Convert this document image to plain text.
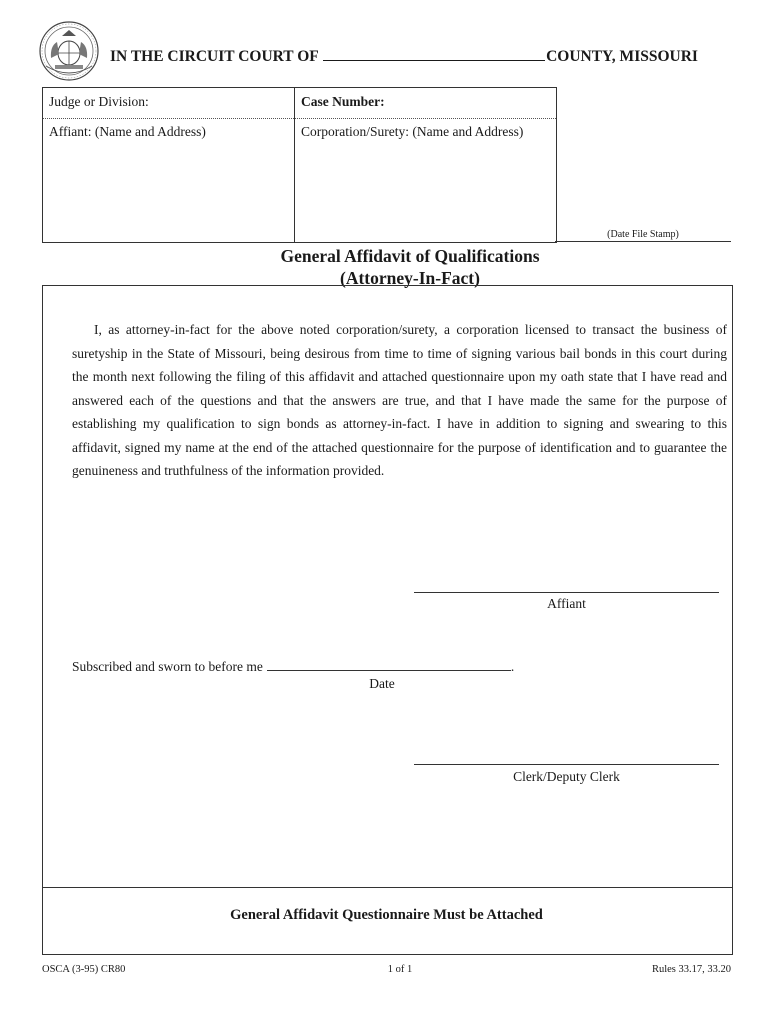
IN THE CIRCUIT COURT OF	COUNTY, MISSOURI
Judge or Division:	Case Number:
Affiant: (Name and Address)	Corporation/Surety: (Name and Address)
(Date File Stamp)
General Affidavit of Qualifications
(Attorney-In-Fact)
I, as attorney-in-fact for the above noted corporation/surety, a corporation licensed to transact the business of suretyship in the State of Missouri, being desirous from time to time of signing various bail bonds in this court during the month next following the filing of this affidavit and attached questionnaire upon my oath state that I have read and answered each of the questions and that the answers are true, and that I have made the same for the purpose of establishing my qualification to sign bonds as attorney-in-fact. I have in addition to signing and swearing to this affidavit, signed my name at the end of the attached questionnaire for the purpose of identification and to guarantee the genuineness and truthfulness of the information provided.
Affiant
Subscribed and sworn to before me	.
Date
Clerk/Deputy Clerk
General Affidavit Questionnaire Must be Attached
OSCA (3-95) CR80	1 of 1	Rules 33.17, 33.20
